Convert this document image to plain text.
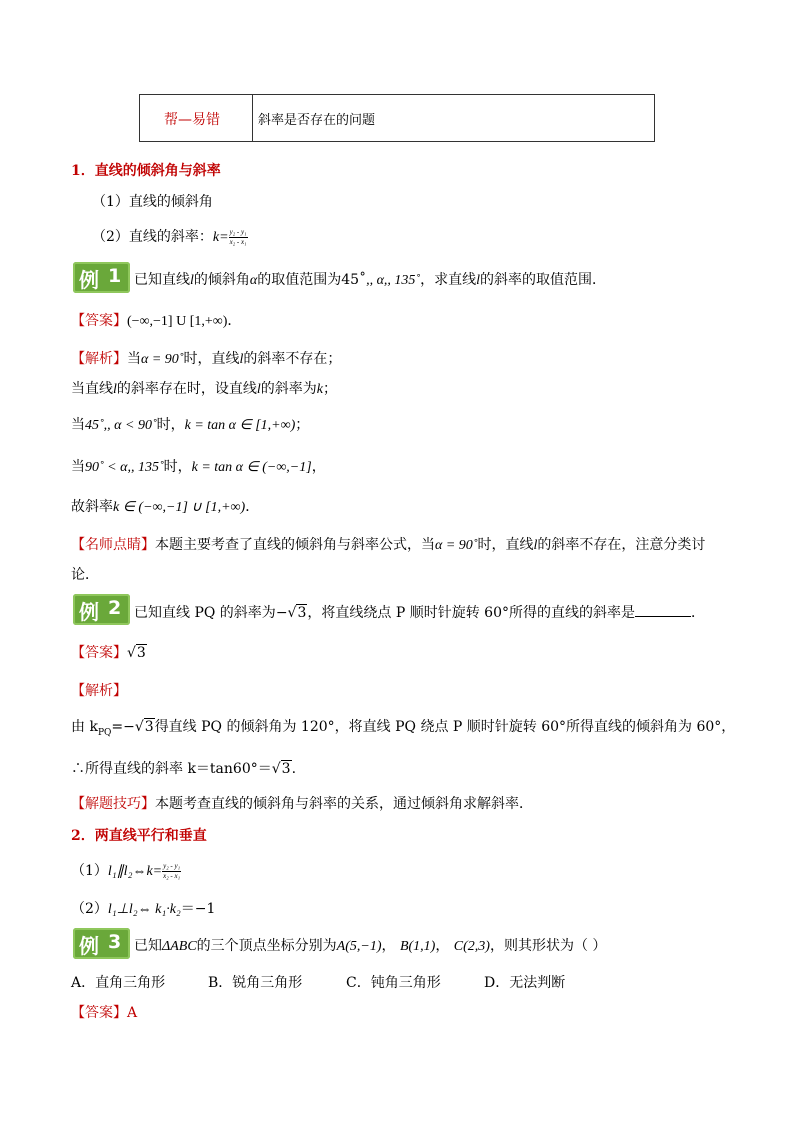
帮—易错	斜率是否存在的问题
1．直线的倾斜角与斜率
（1）直线的倾斜角
（2）直线的斜率：$k= \frac{\text{y₂ - y₁}}{\text{x₂ - x₁}}$
例 1 已知直线l的倾斜角α的取值范围为45˚,, α,, 135˚，求直线l的斜率的取值范围．
【答案】(−∞,−1] U [1,+∞)．
【解析】当α = 90˚时，直线l的斜率不存在；
当直线l的斜率存在时，设直线l的斜率为k；
当45˚,, α < 90˚时，k = tan α ∈ [1,+∞)；
当90˚ < α,, 135˚时，k = tan α ∈ (−∞,−1]，
故斜率k ∈ (−∞,−1] ∪ [1,+∞)．
【名师点睛】本题主要考查了直线的倾斜角与斜率公式，当α = 90˚时，直线l的斜率不存在，注意分类讨
论．
例 2 已知直线 PQ 的斜率为−√3，将直线绕点 P 顺时针旋转 60°所得的直线的斜率是	．
【答案】√3
【解析】
由 $k_{PQ}=-√3$得直线 PQ 的倾斜角为 120°，将直线 PQ 绕点 P 顺时针旋转 60°所得直线的倾斜角为 60°，
∴所得直线的斜率 k＝tan60°＝√3.
【解题技巧】本题考查直线的倾斜角与斜率的关系，通过倾斜角求解斜率．
2．两直线平行和垂直
（1）l₁∥l₂⇔k= $\frac{\text{y₂ - y₁}}{\text{x₂ - x₁}}$
（2）l₁⊥l₂⇔ k₁·k₂＝−1
例 3 已知ΔABC的三个顶点坐标分别为A(5,−1)， B(1,1)， C(2,3)，则其形状为（ ）
A．直角三角形	B．锐角三角形	C．钝角三角形	D．无法判断
【答案】A
